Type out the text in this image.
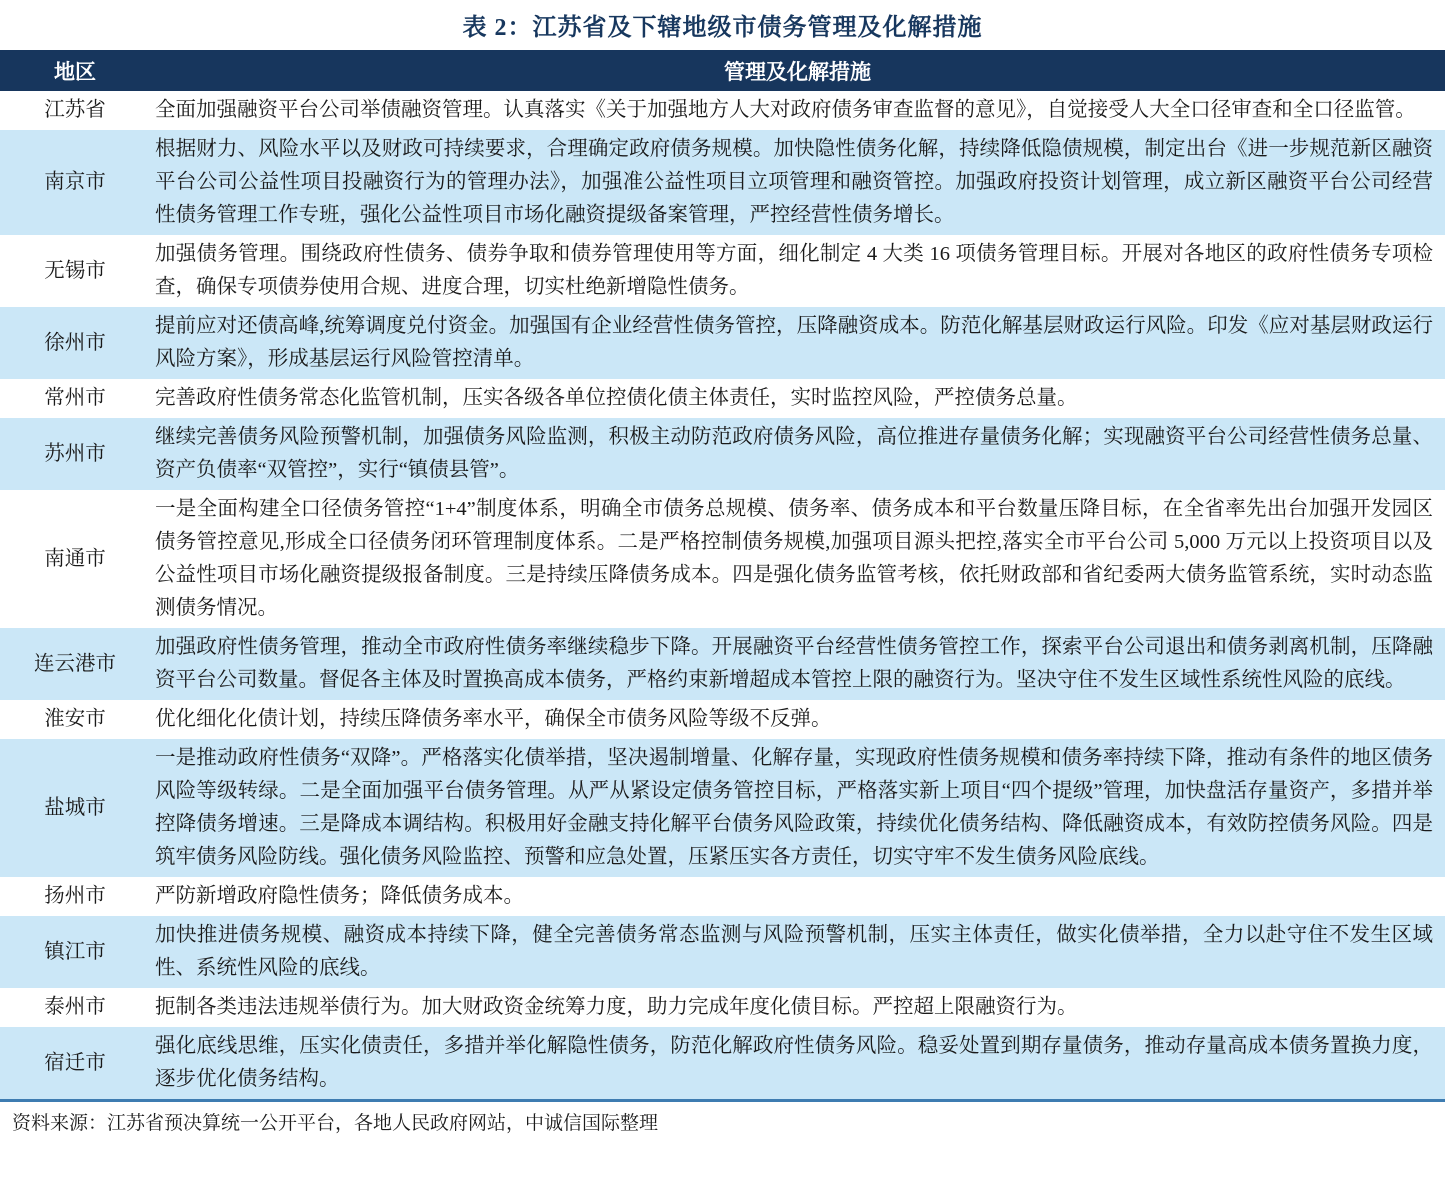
表 2：江苏省及下辖地级市债务管理及化解措施
地区	管理及化解措施
江苏省	全面加强融资平台公司举债融资管理。认真落实《关于加强地方人大对政府债务审查监督的意见》，自觉接受人大全口径审查和全口径监管。
南京市	根据财力、风险水平以及财政可持续要求，合理确定政府债务规模。加快隐性债务化解，持续降低隐债规模，制定出台《进一步规范新区融资平台公司公益性项目投融资行为的管理办法》，加强准公益性项目立项管理和融资管控。加强政府投资计划管理，成立新区融资平台公司经营性债务管理工作专班，强化公益性项目市场化融资提级备案管理，严控经营性债务增长。
无锡市	加强债务管理。围绕政府性债务、债券争取和债券管理使用等方面，细化制定 4 大类 16 项债务管理目标。开展对各地区的政府性债务专项检查，确保专项债券使用合规、进度合理，切实杜绝新增隐性债务。
徐州市	提前应对还债高峰,统筹调度兑付资金。加强国有企业经营性债务管控，压降融资成本。防范化解基层财政运行风险。印发《应对基层财政运行风险方案》，形成基层运行风险管控清单。
常州市	完善政府性债务常态化监管机制，压实各级各单位控债化债主体责任，实时监控风险，严控债务总量。
苏州市	继续完善债务风险预警机制，加强债务风险监测，积极主动防范政府债务风险，高位推进存量债务化解；实现融资平台公司经营性债务总量、资产负债率“双管控”，实行“镇债县管”。
南通市	一是全面构建全口径债务管控“1+4”制度体系，明确全市债务总规模、债务率、债务成本和平台数量压降目标，在全省率先出台加强开发园区债务管控意见,形成全口径债务闭环管理制度体系。二是严格控制债务规模,加强项目源头把控,落实全市平台公司 5,000 万元以上投资项目以及公益性项目市场化融资提级报备制度。三是持续压降债务成本。四是强化债务监管考核，依托财政部和省纪委两大债务监管系统，实时动态监测债务情况。
连云港市	加强政府性债务管理，推动全市政府性债务率继续稳步下降。开展融资平台经营性债务管控工作，探索平台公司退出和债务剥离机制，压降融资平台公司数量。督促各主体及时置换高成本债务，严格约束新增超成本管控上限的融资行为。坚决守住不发生区域性系统性风险的底线。
淮安市	优化细化化债计划，持续压降债务率水平，确保全市债务风险等级不反弹。
盐城市	一是推动政府性债务“双降”。严格落实化债举措，坚决遏制增量、化解存量，实现政府性债务规模和债务率持续下降，推动有条件的地区债务风险等级转绿。二是全面加强平台债务管理。从严从紧设定债务管控目标，严格落实新上项目“四个提级”管理，加快盘活存量资产，多措并举控降债务增速。三是降成本调结构。积极用好金融支持化解平台债务风险政策，持续优化债务结构、降低融资成本，有效防控债务风险。四是筑牢债务风险防线。强化债务风险监控、预警和应急处置，压紧压实各方责任，切实守牢不发生债务风险底线。
扬州市	严防新增政府隐性债务；降低债务成本。
镇江市	加快推进债务规模、融资成本持续下降，健全完善债务常态监测与风险预警机制，压实主体责任，做实化债举措，全力以赴守住不发生区域性、系统性风险的底线。
泰州市	扼制各类违法违规举债行为。加大财政资金统筹力度，助力完成年度化债目标。严控超上限融资行为。
宿迁市	强化底线思维，压实化债责任，多措并举化解隐性债务，防范化解政府性债务风险。稳妥处置到期存量债务，推动存量高成本债务置换力度，逐步优化债务结构。
资料来源：江苏省预决算统一公开平台，各地人民政府网站，中诚信国际整理
